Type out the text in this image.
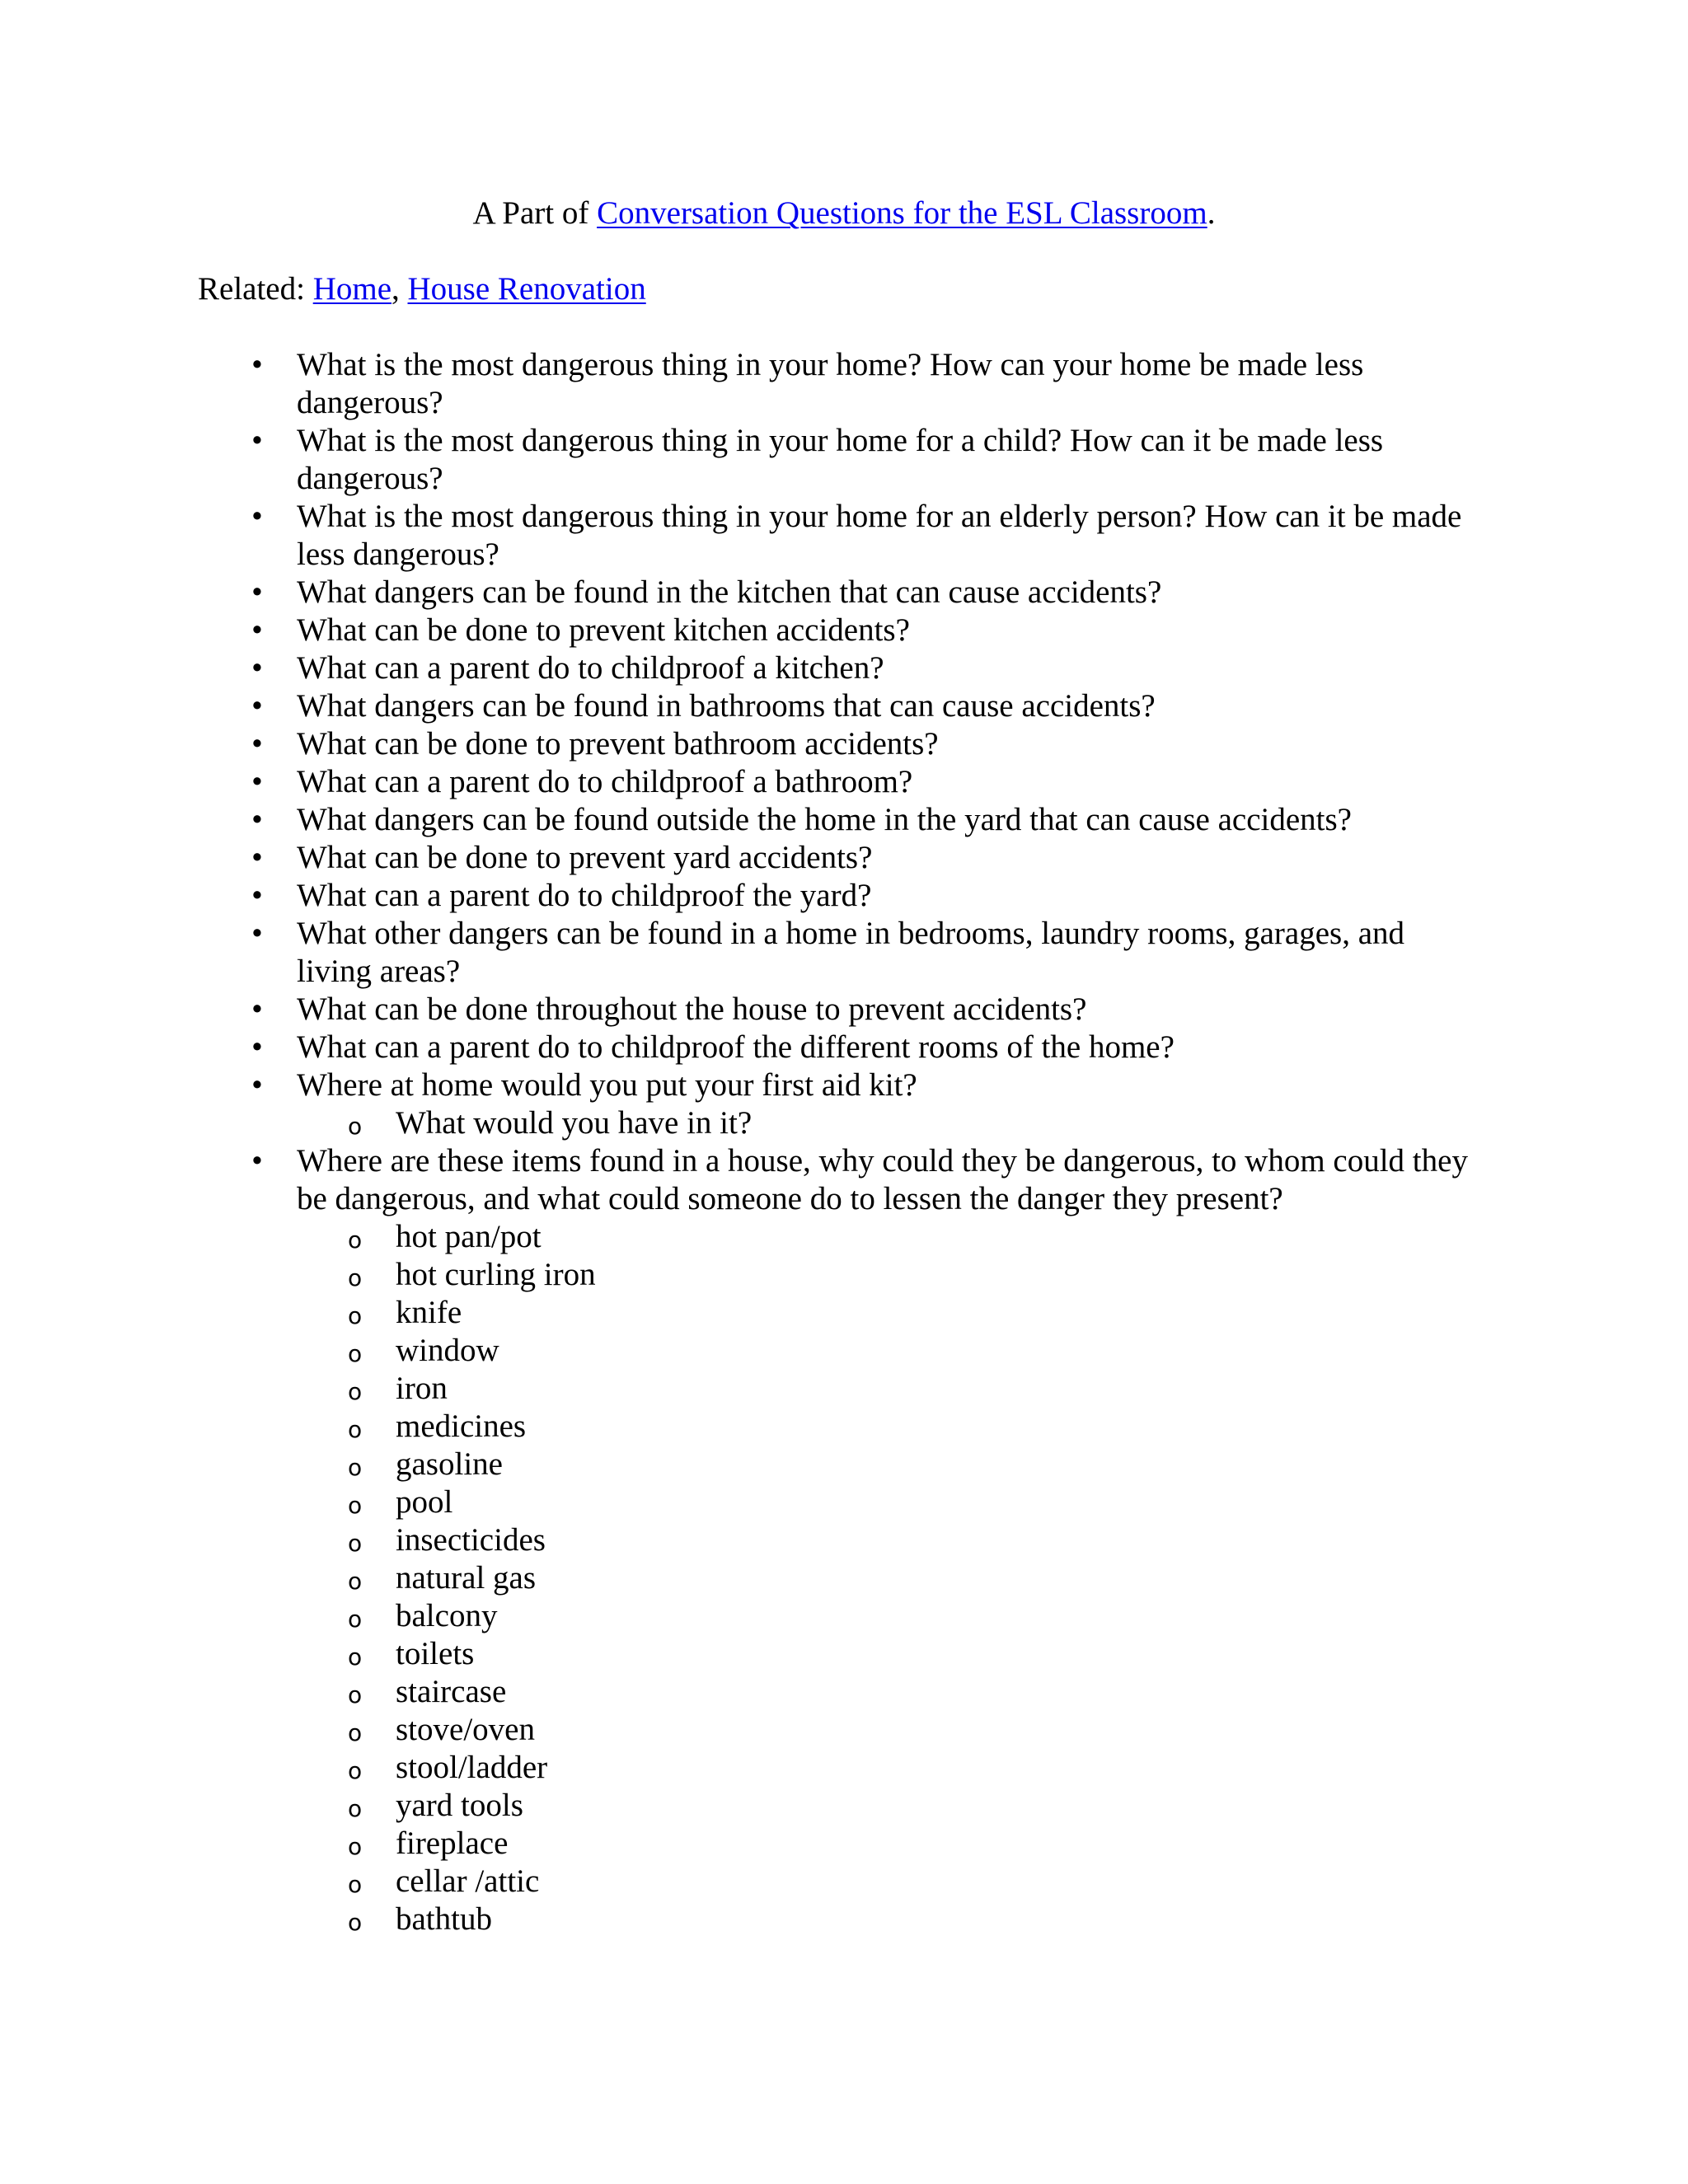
A Part of Conversation Questions for the ESL Classroom.
Related: Home, House Renovation
• What is the most dangerous thing in your home? How can your home be made less dangerous?
• What is the most dangerous thing in your home for a child? How can it be made less dangerous?
• What is the most dangerous thing in your home for an elderly person? How can it be made less dangerous?
• What dangers can be found in the kitchen that can cause accidents?
• What can be done to prevent kitchen accidents?
• What can a parent do to childproof a kitchen?
• What dangers can be found in bathrooms that can cause accidents?
• What can be done to prevent bathroom accidents?
• What can a parent do to childproof a bathroom?
• What dangers can be found outside the home in the yard that can cause accidents?
• What can be done to prevent yard accidents?
• What can a parent do to childproof the yard?
• What other dangers can be found in a home in bedrooms, laundry rooms, garages, and living areas?
• What can be done throughout the house to prevent accidents?
• What can a parent do to childproof the different rooms of the home?
• Where at home would you put your first aid kit?
o	What would you have in it?
• Where are these items found in a house, why could they be dangerous, to whom could they be dangerous, and what could someone do to lessen the danger they present?
o	hot pan/pot
o	hot curling iron
o	knife
o	window
o	iron
o	medicines
o	gasoline
o	pool
o	insecticides
o	natural gas
o	balcony
o	toilets
o	staircase
o	stove/oven
o	stool/ladder
o	yard tools
o	fireplace
o	cellar /attic
o	bathtub
